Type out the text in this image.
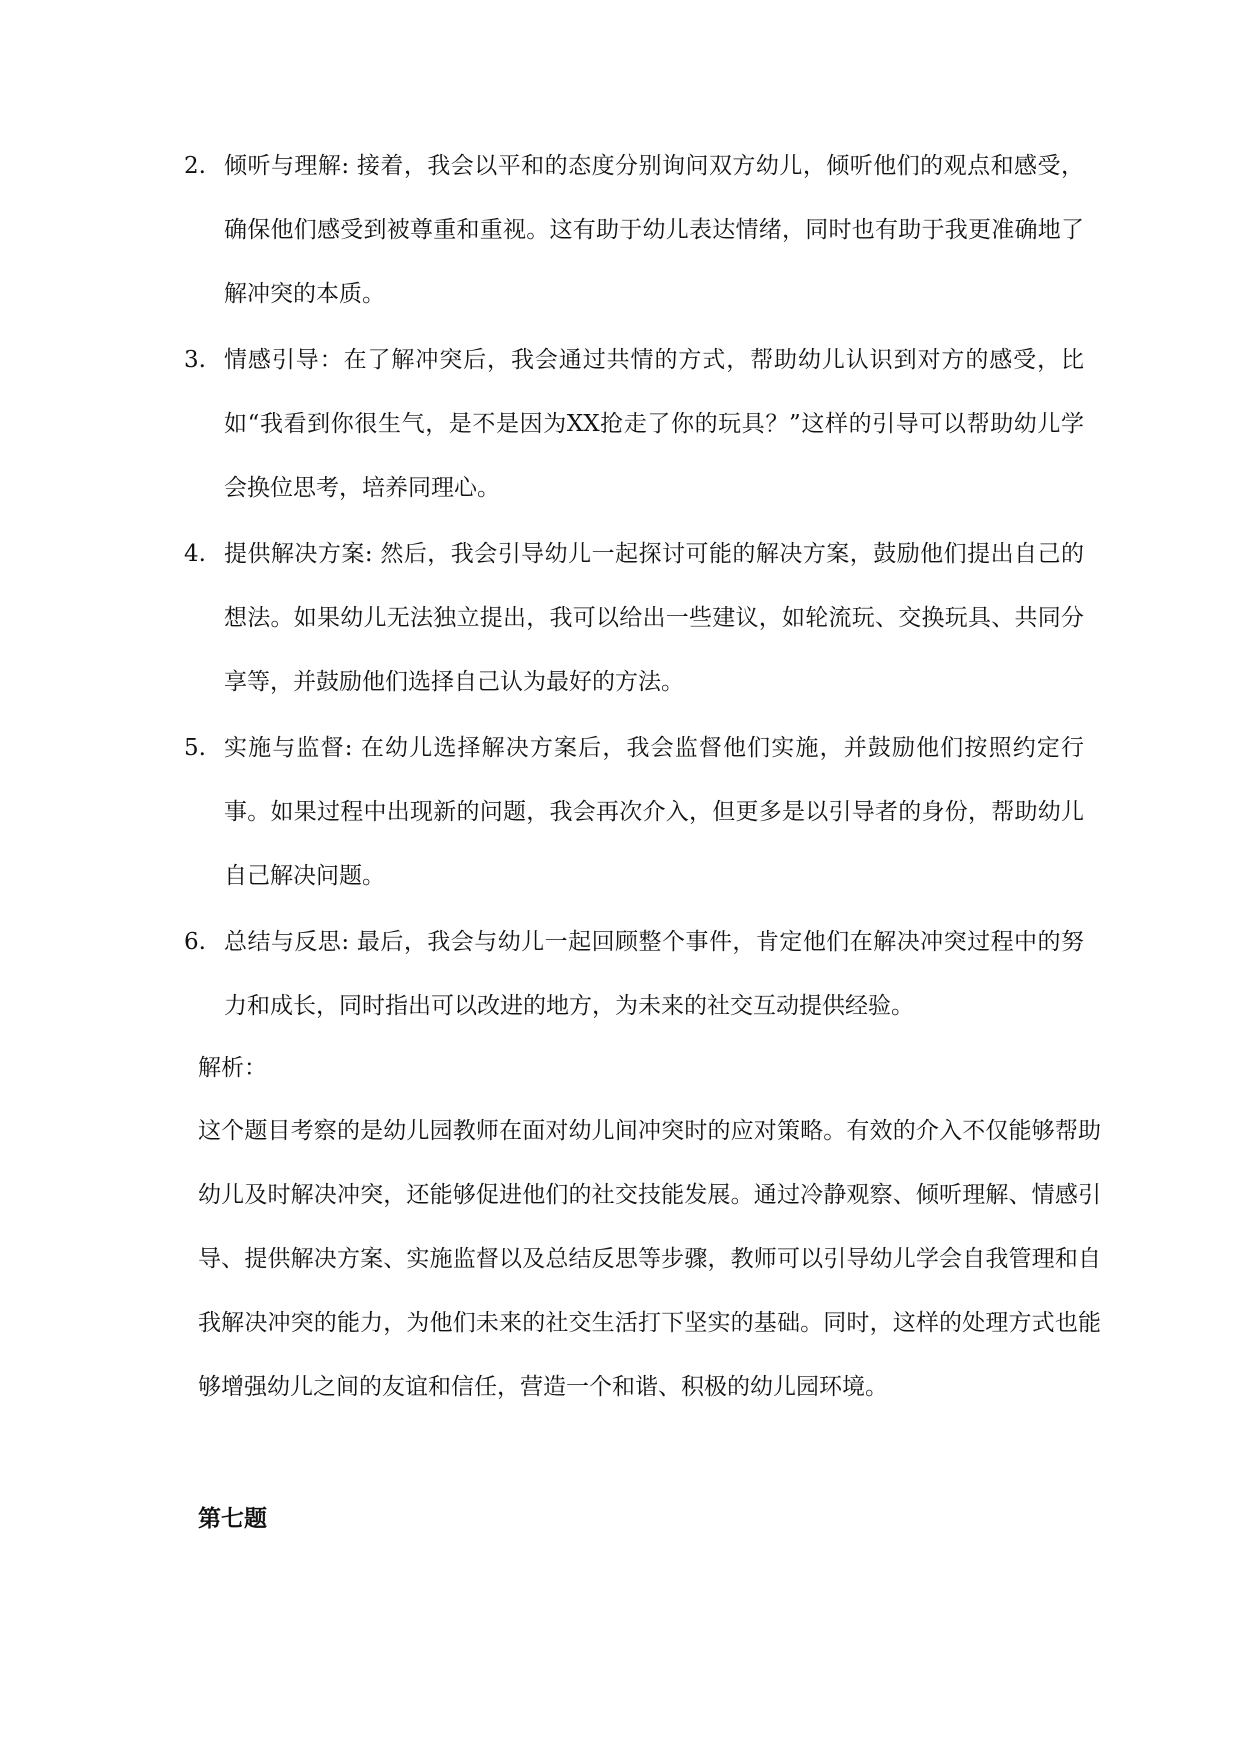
2. 倾听与理解: 接着，我会以平和的态度分别询问双方幼儿，倾听他们的观点和感受，确保他们感受到被尊重和重视。这有助于幼儿表达情绪，同时也有助于我更准确地了解冲突的本质。
3. 情感引导：在了解冲突后，我会通过共情的方式，帮助幼儿认识到对方的感受，比如“我看到你很生气，是不是因为XX抢走了你的玩具？”这样的引导可以帮助幼儿学会换位思考，培养同理心。
4. 提供解决方案: 然后，我会引导幼儿一起探讨可能的解决方案，鼓励他们提出自己的想法。如果幼儿无法独立提出，我可以给出一些建议，如轮流玩、交换玩具、共同分享等，并鼓励他们选择自己认为最好的方法。
5. 实施与监督: 在幼儿选择解决方案后，我会监督他们实施，并鼓励他们按照约定行事。如果过程中出现新的问题，我会再次介入，但更多是以引导者的身份，帮助幼儿自己解决问题。
6. 总结与反思: 最后，我会与幼儿一起回顾整个事件，肯定他们在解决冲突过程中的努力和成长，同时指出可以改进的地方，为未来的社交互动提供经验。
解析：
这个题目考察的是幼儿园教师在面对幼儿间冲突时的应对策略。有效的介入不仅能够帮助幼儿及时解决冲突，还能够促进他们的社交技能发展。通过冷静观察、倾听理解、情感引导、提供解决方案、实施监督以及总结反思等步骤，教师可以引导幼儿学会自我管理和自我解决冲突的能力，为他们未来的社交生活打下坚实的基础。同时，这样的处理方式也能够增强幼儿之间的友谊和信任，营造一个和谐、积极的幼儿园环境。
第七题
